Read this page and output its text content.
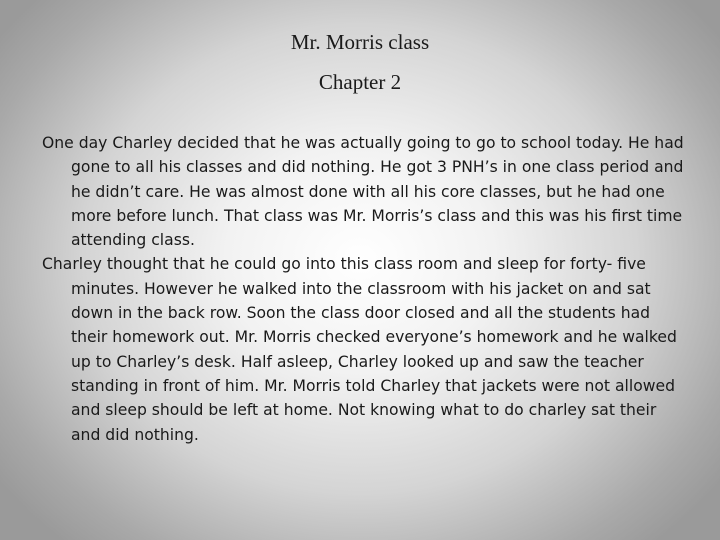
Mr. Morris class
Chapter 2

One day Charley decided that he was actually going to go to school today. He had gone to all his classes and did nothing. He got 3 PNH’s in one class period and he didn’t care. He was almost done with all his core classes, but he had one more before lunch. That class was Mr. Morris’s class and this was his first time attending class.

Charley thought that he could go into this class room and sleep for forty- five minutes. However he walked into the classroom with his jacket on and sat down in the back row. Soon the class door closed and all the students had their homework out. Mr. Morris checked everyone’s homework and he walked up to Charley’s desk. Half asleep, Charley looked up and saw the teacher standing in front of him. Mr. Morris told Charley that jackets were not allowed and sleep should be left at home. Not knowing what to do charley sat their and did nothing.
